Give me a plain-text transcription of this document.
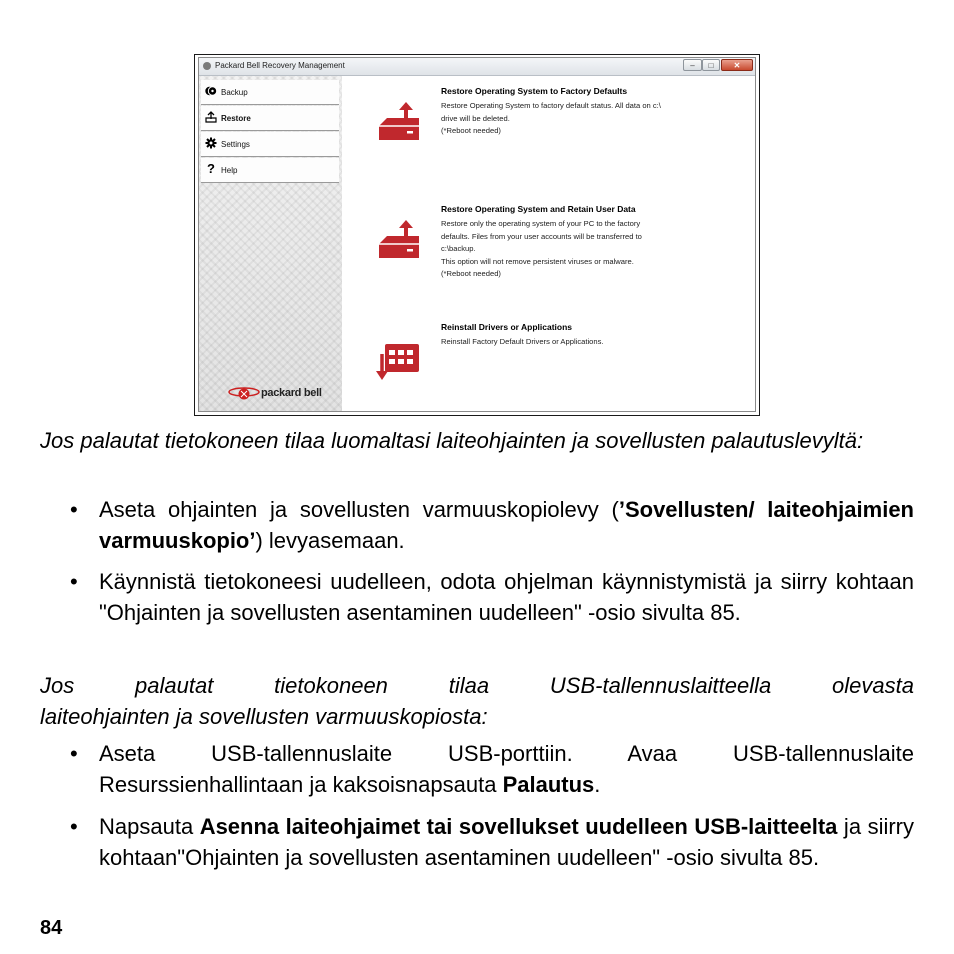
Packard Bell Recovery Management	–	□	✕
Backup
Restore
Settings
? Help
packard bell
Restore Operating System to Factory Defaults
Restore Operating System to factory default status. All data on c:\
drive will be deleted.
(*Reboot needed)
Restore Operating System and Retain User Data
Restore only the operating system of your PC to the factory
defaults. Files from your user accounts will be transferred to
c:\backup.
This option will not remove persistent viruses or malware.
(*Reboot needed)
Reinstall Drivers or Applications
Reinstall Factory Default Drivers or Applications.
Jos palautat tietokoneen tilaa luomaltasi laiteohjainten ja sovellusten palautuslevyltä:
• Aseta ohjainten ja sovellusten varmuuskopiolevy (’Sovellusten/ laiteohjaimien varmuuskopio’) levyasemaan.
• Käynnistä tietokoneesi uudelleen, odota ohjelman käynnistymistä ja siirry kohtaan "Ohjainten ja sovellusten asentaminen uudelleen" -osio sivulta 85.
Jos palautat tietokoneen tilaa USB-tallennuslaitteella olevasta
laiteohjainten ja sovellusten varmuuskopiosta:
• Aseta USB-tallennuslaite USB-porttiin. Avaa USB-tallennuslaite Resurssienhallintaan ja kaksoisnapsauta Palautus.
• Napsauta Asenna laiteohjaimet tai sovellukset uudelleen USB-laitteelta ja siirry kohtaan"Ohjainten ja sovellusten asentaminen uudelleen" -osio sivulta 85.
84
